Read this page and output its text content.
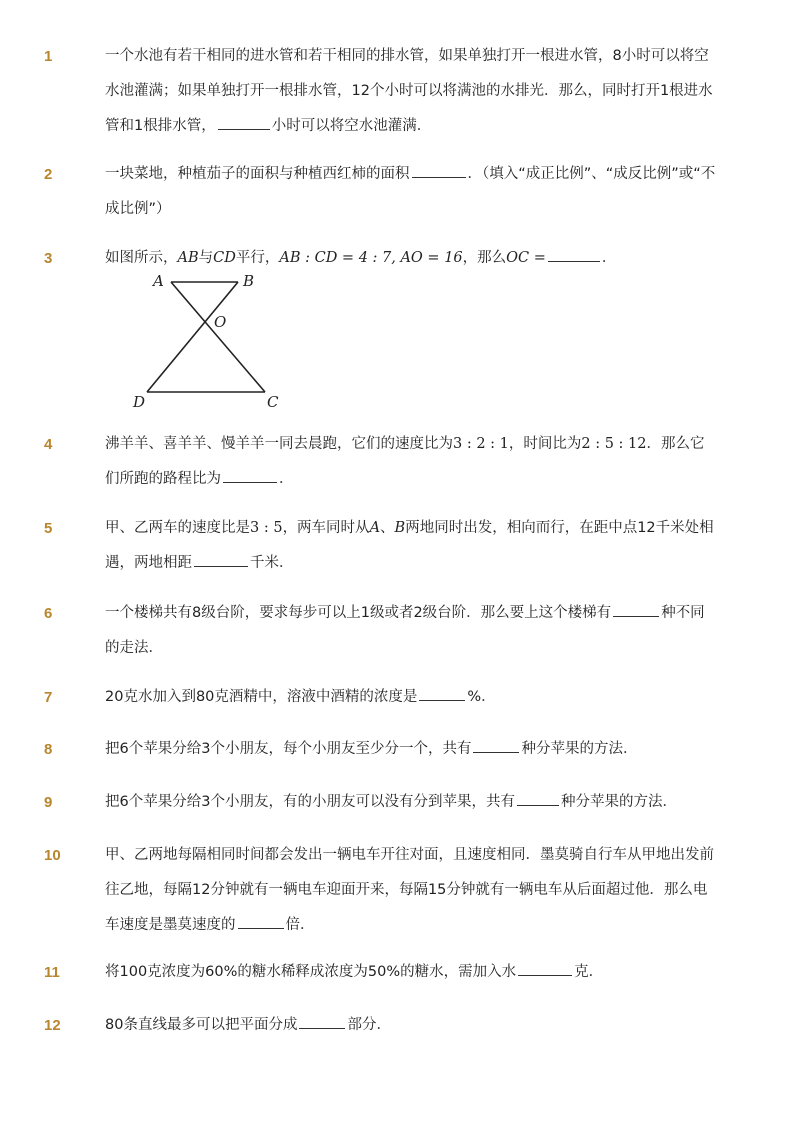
1	一个水池有若干相同的进水管和若干相同的排水管，如果单独打开一根进水管，8小时可以将空水池灌满；如果单独打开一根排水管，12个小时可以将满池的水排光．那么，同时打开1根进水管和1根排水管，	小时可以将空水池灌满．
2	一块菜地，种植茄子的面积与种植西红柿的面积	．（填入“成正比例”、“成反比例”或“不成比例”）
3	如图所示，AB与CD平行，AB : CD = 4 : 7, AO = 16，那么OC =	．
A	B
O
C
D
4	沸羊羊、喜羊羊、慢羊羊一同去晨跑，它们的速度比为3 : 2 : 1，时间比为2 : 5 : 12．那么它们所跑的路程比为	．
5	甲、乙两车的速度比是3 : 5，两车同时从A、B两地同时出发，相向而行，在距中点12千米处相遇，两地相距	千米．
6	一个楼梯共有8级台阶，要求每步可以上1级或者2级台阶．那么要上这个楼梯有	种不同的走法．
7	20克水加入到80克酒精中，溶液中酒精的浓度是	%．
8	把6个苹果分给3个小朋友，每个小朋友至少分一个，共有	种分苹果的方法．
9	把6个苹果分给3个小朋友，有的小朋友可以没有分到苹果，共有	种分苹果的方法．
10	甲、乙两地每隔相同时间都会发出一辆电车开往对面，且速度相同．墨莫骑自行车从甲地出发前往乙地，每隔12分钟就有一辆电车迎面开来，每隔15分钟就有一辆电车从后面超过他．那么电车速度是墨莫速度的	倍．
11	将100克浓度为60%的糖水稀释成浓度为50%的糖水，需加入水	克．
12	80条直线最多可以把平面分成	部分．
